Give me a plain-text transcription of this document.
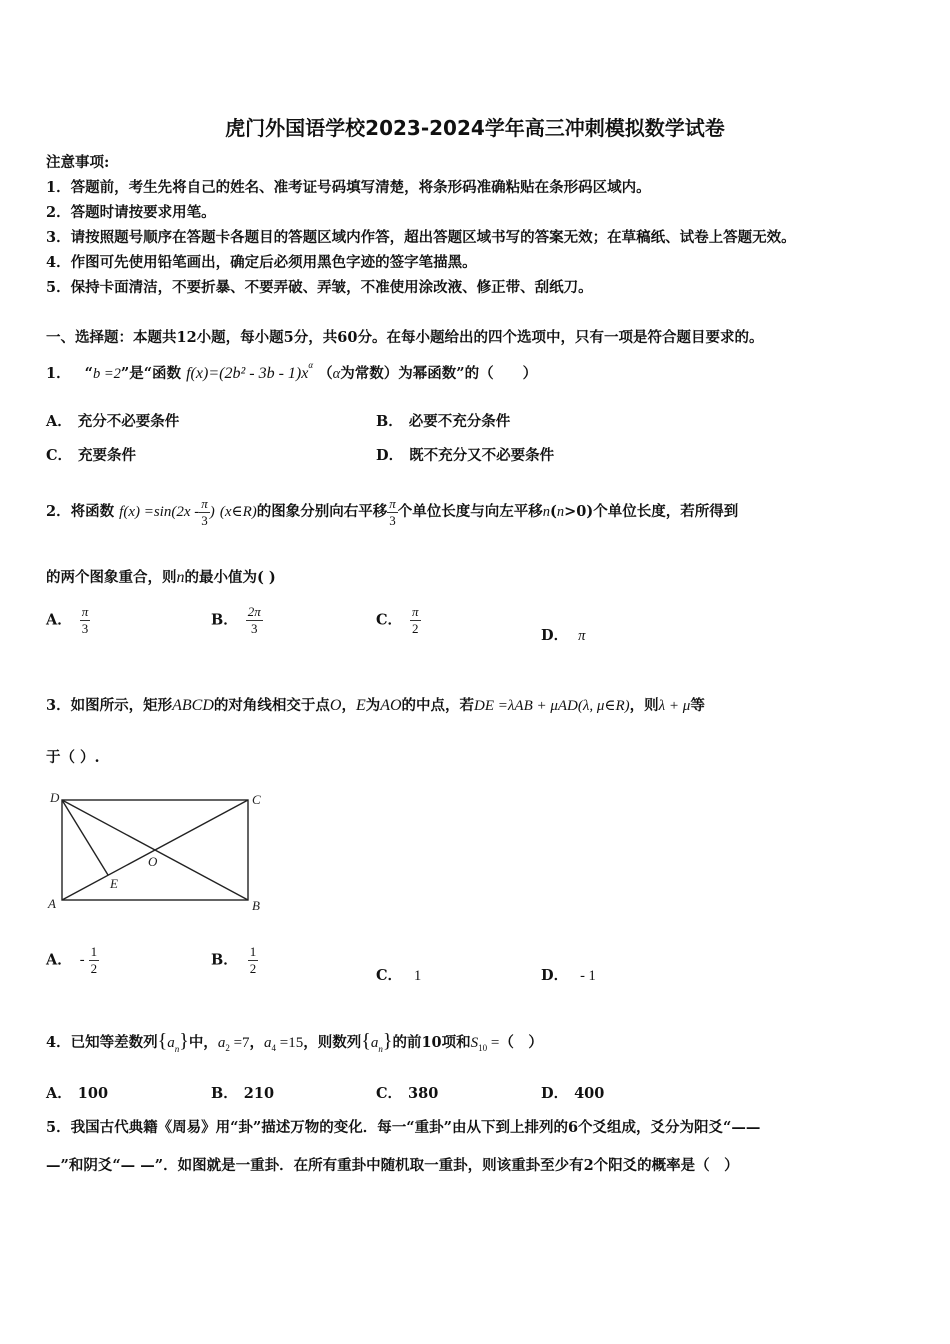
虎门外国语学校2023-2024学年高三冲刺模拟数学试卷
注意事项:
1．答题前，考生先将自己的姓名、准考证号码填写清楚，将条形码准确粘贴在条形码区域内。
2．答题时请按要求用笔。
3．请按照题号顺序在答题卡各题目的答题区域内作答，超出答题区域书写的答案无效；在草稿纸、试卷上答题无效。
4．作图可先使用铅笔画出，确定后必须用黑色字迹的签字笔描黑。
5．保持卡面清洁，不要折暴、不要弄破、弄皱，不准使用涂改液、修正带、刮纸刀。
一、选择题：本题共12小题，每小题5分，共60分。在每小题给出的四个选项中，只有一项是符合题目要求的。
1． “b =2”是“函数 $f(x)=(2b^2 - 3b - 1)x^\alpha$ （α为常数）为幂函数”的（　　）
A． 充分不必要条件	B． 必要不充分条件
C． 充要条件	D． 既不充分又不必要条件
2．将函数 $f(x) =\sin(2x - \frac{\pi}{3}$ ) (x∈R)的图象分别向右平移 $\frac{\pi}{3}$ 个单位长度与向左平移n(n>0)个单位长度，若所得到
的两个图象重合，则n的最小值为( )
A． $\frac{\pi}{3}$	B． $\frac{2\pi}{3}$	C． $\frac{\pi}{2}$	D． π
3．如图所示，矩形ABCD的对角线相交于点O，E为AO的中点，若DE =λAB + μAD(λ, μ∈R)，则λ + μ等
于（ ）.
D	C
A	B
O
E
A． - $\frac{1}{2}$	B． $\frac{1}{2}$	C． 1	D． - 1
4．已知等差数列$\{a_n\}$中，$a_2 =7$，$a_4 =15$，则数列$\{a_n\}$的前10项和$S_{10}$ =（　）
A． 100	B． 210	C． 380	D． 400
5．我国古代典籍《周易》用“卦”描述万物的变化．每一“重卦”由从下到上排列的6个爻组成，爻分为阳爻“——
—”和阴爻“— —”．如图就是一重卦．在所有重卦中随机取一重卦，则该重卦至少有2个阳爻的概率是（　）
